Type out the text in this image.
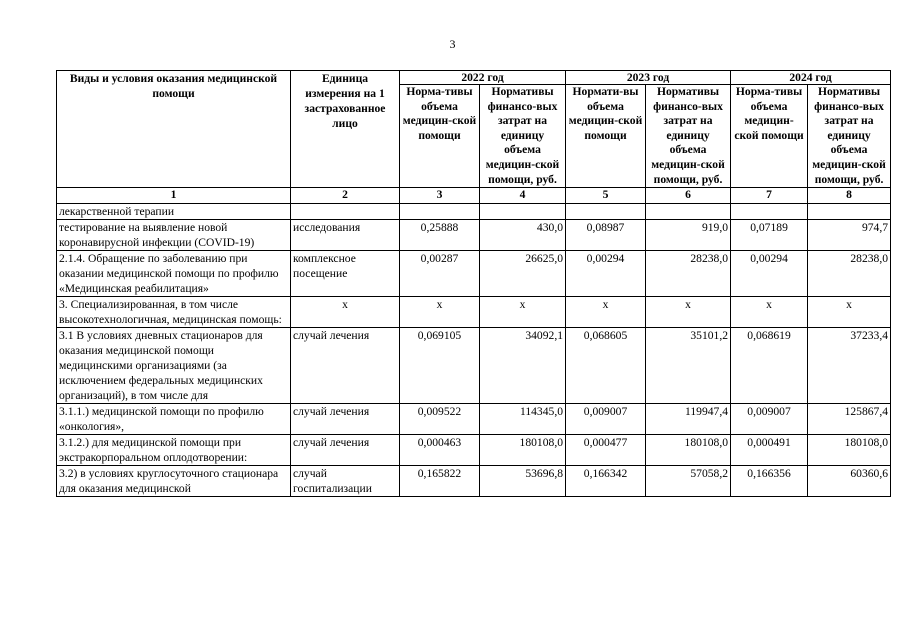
3
Виды и условия оказания медицинской помощи	Единица измерения на 1 застрахованное лицо	2022 год		2023 год		2024 год	
		Норма-тивы объема медицин-ской помощи	Нормативы финансо-вых затрат на единицу объема медицин-ской помощи, руб.	Нормати-вы объема медицин-ской помощи	Нормативы финансо-вых затрат на единицу объема медицин-ской помощи, руб.	Норма-тивы объема медицин-ской помощи	Нормативы финансо-вых затрат на единицу объема медицин-ской помощи, руб.
1	2	3	4	5	6	7	8
лекарственной терапии							
тестирование на выявление новой коронавирусной инфекции (COVID-19)	исследования	0,25888	430,0	0,08987	919,0	0,07189	974,7
2.1.4. Обращение по заболеванию при оказании медицинской помощи по профилю «Медицинская реабилитация»	комплексное посещение	0,00287	26625,0	0,00294	28238,0	0,00294	28238,0
3. Специализированная, в том числе высокотехнологичная, медицинская помощь:	х	х	х	х	х	х	х
3.1 В условиях дневных стационаров для оказания медицинской помощи медицинскими организациями (за исключением федеральных медицинских организаций), в том числе для	случай лечения	0,069105	34092,1	0,068605	35101,2	0,068619	37233,4
3.1.1.) медицинской помощи по профилю «онкология»,	случай лечения	0,009522	114345,0	0,009007	119947,4	0,009007	125867,4
3.1.2.) для медицинской помощи при экстракорпоральном оплодотворении:	случай лечения	0,000463	180108,0	0,000477	180108,0	0,000491	180108,0
3.2) в условиях круглосуточного стационара для оказания медицинской	случай госпитализации	0,165822	53696,8	0,166342	57058,2	0,166356	60360,6
